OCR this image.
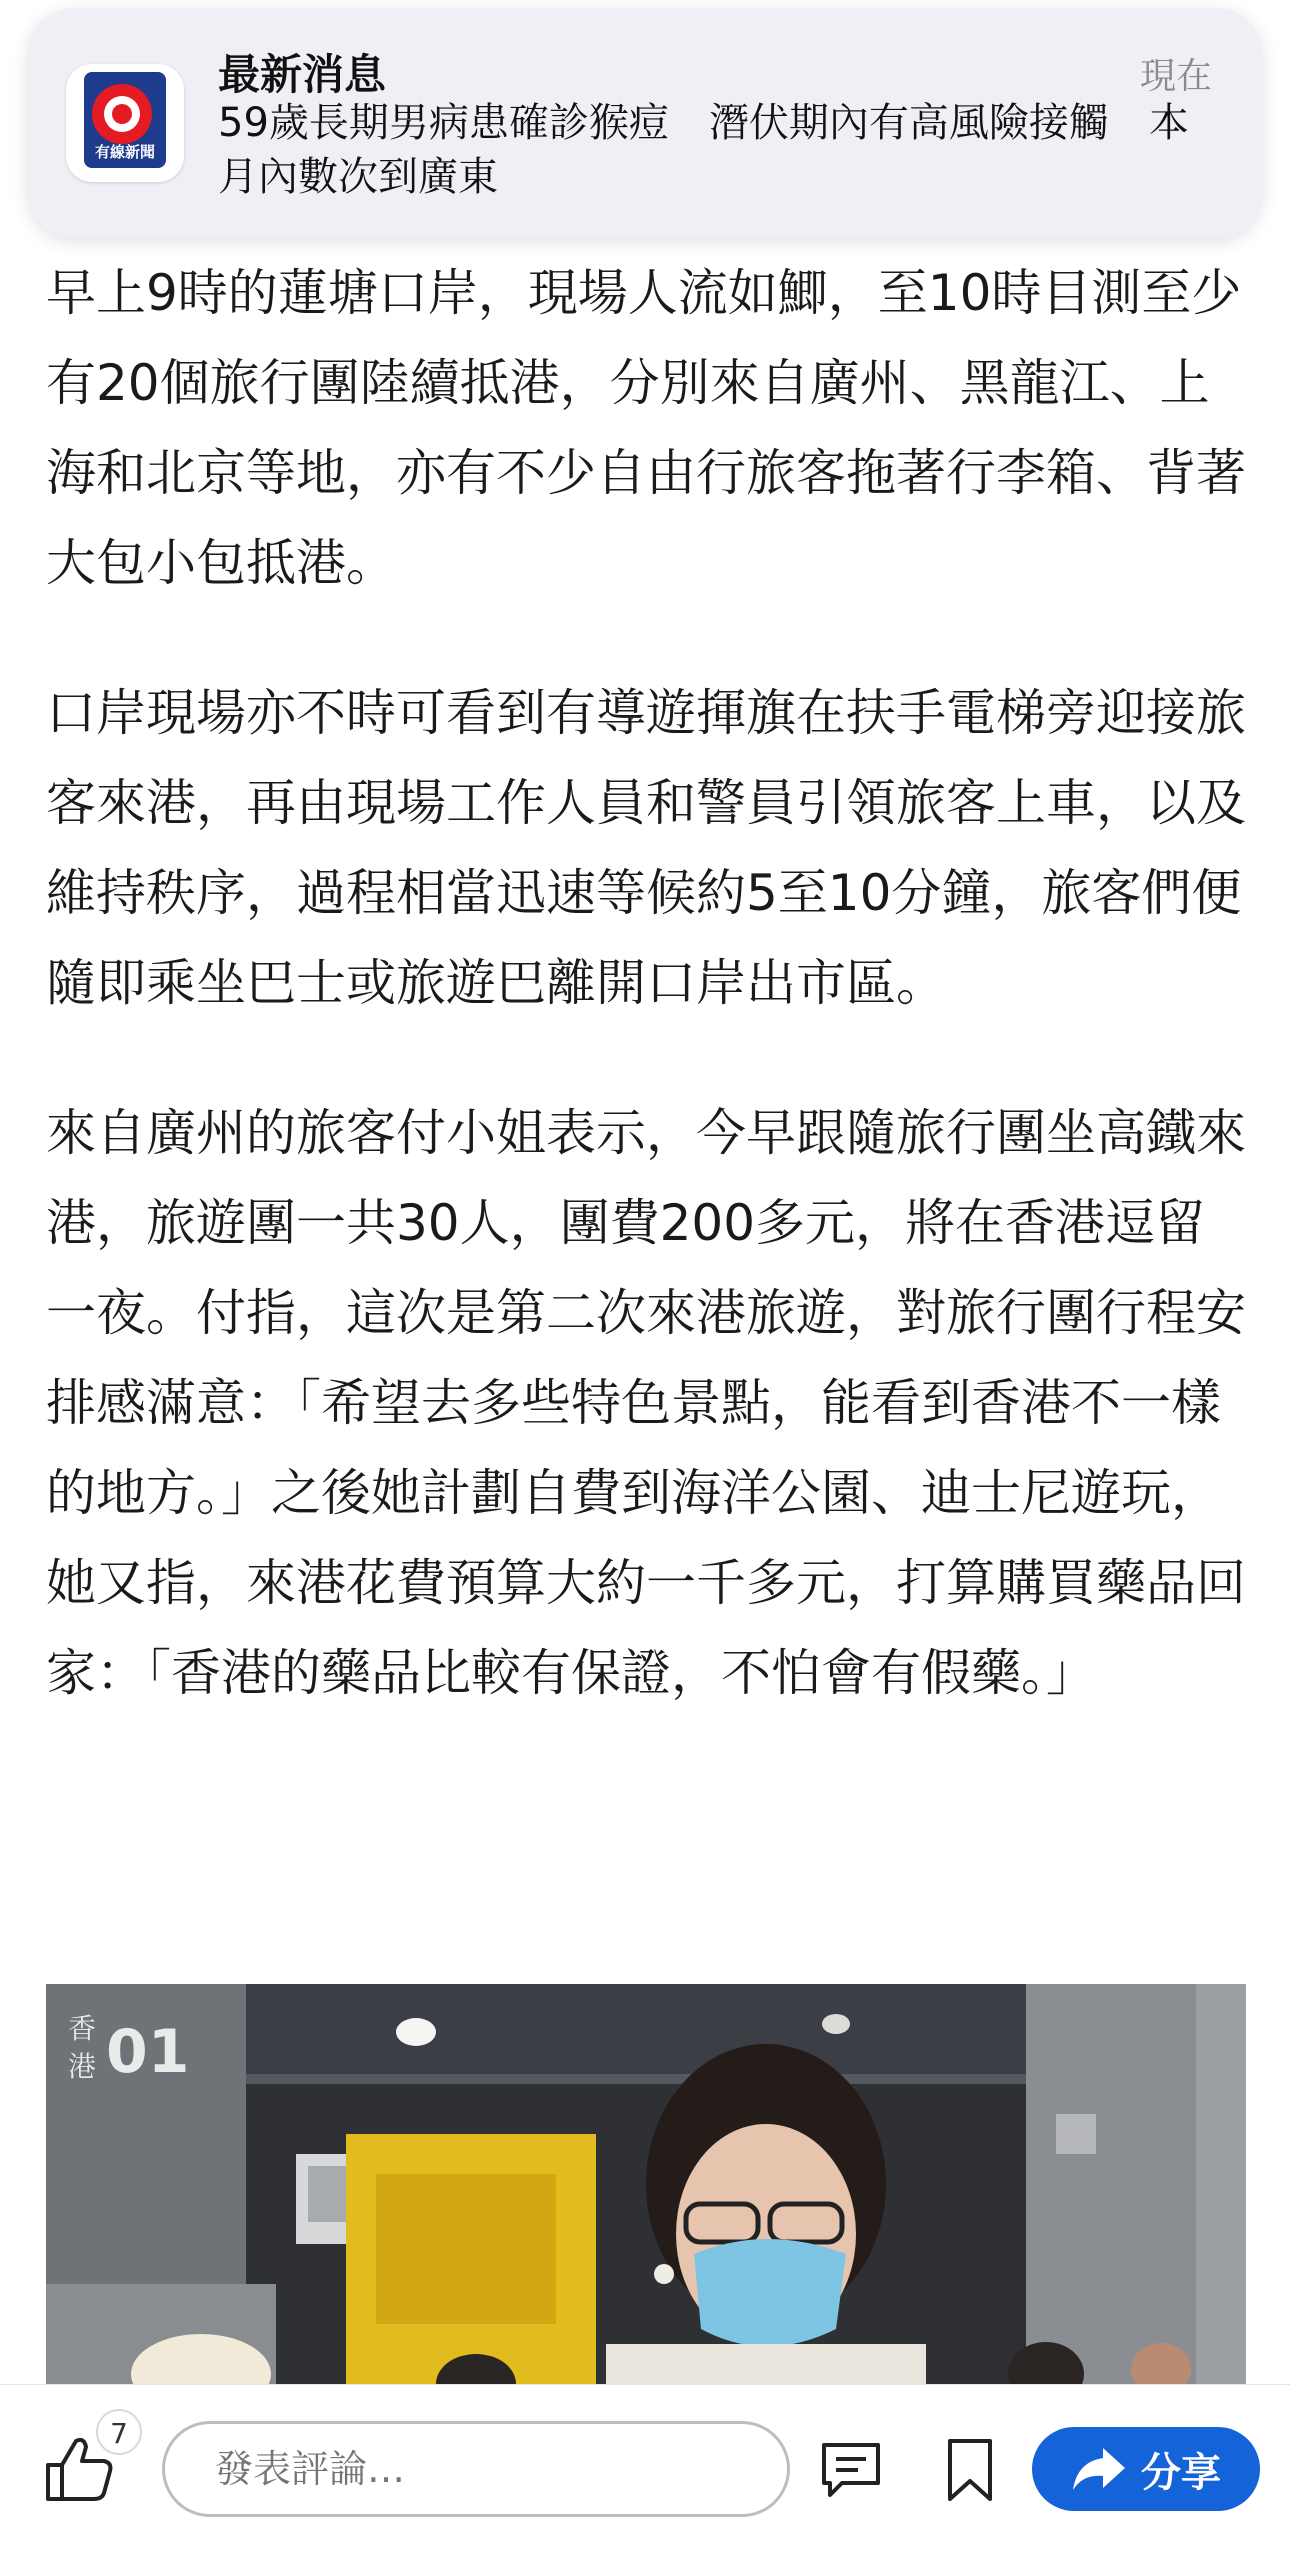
早上9時的蓮塘口岸，現場人流如鯽，至10時目測至少有20個旅行團陸續抵港，分別來自廣州、黑龍江、上海和北京等地，亦有不少自由行旅客拖著行李箱、背著大包小包抵港。

口岸現場亦不時可看到有導遊揮旗在扶手電梯旁迎接旅客來港，再由現場工作人員和警員引領旅客上車，以及維持秩序，過程相當迅速等候約5至10分鐘，旅客們便隨即乘坐巴士或旅遊巴離開口岸出市區。

來自廣州的旅客付小姐表示，今早跟隨旅行團坐高鐵來港，旅遊團一共30人，團費200多元，將在香港逗留一夜。付指，這次是第二次來港旅遊，對旅行團行程安排感滿意：「希望去多些特色景點，能看到香港不一樣的地方。」之後她計劃自費到海洋公園、迪士尼遊玩，她又指，來港花費預算大約一千多元，打算購買藥品回家：「香港的藥品比較有保證，不怕會有假藥。」

香
港 01
有線新聞
最新消息	現在
59歲長期男病患確診猴痘　潛伏期內有高風險接觸　本月內數次到廣東
7
發表評論…
分享
